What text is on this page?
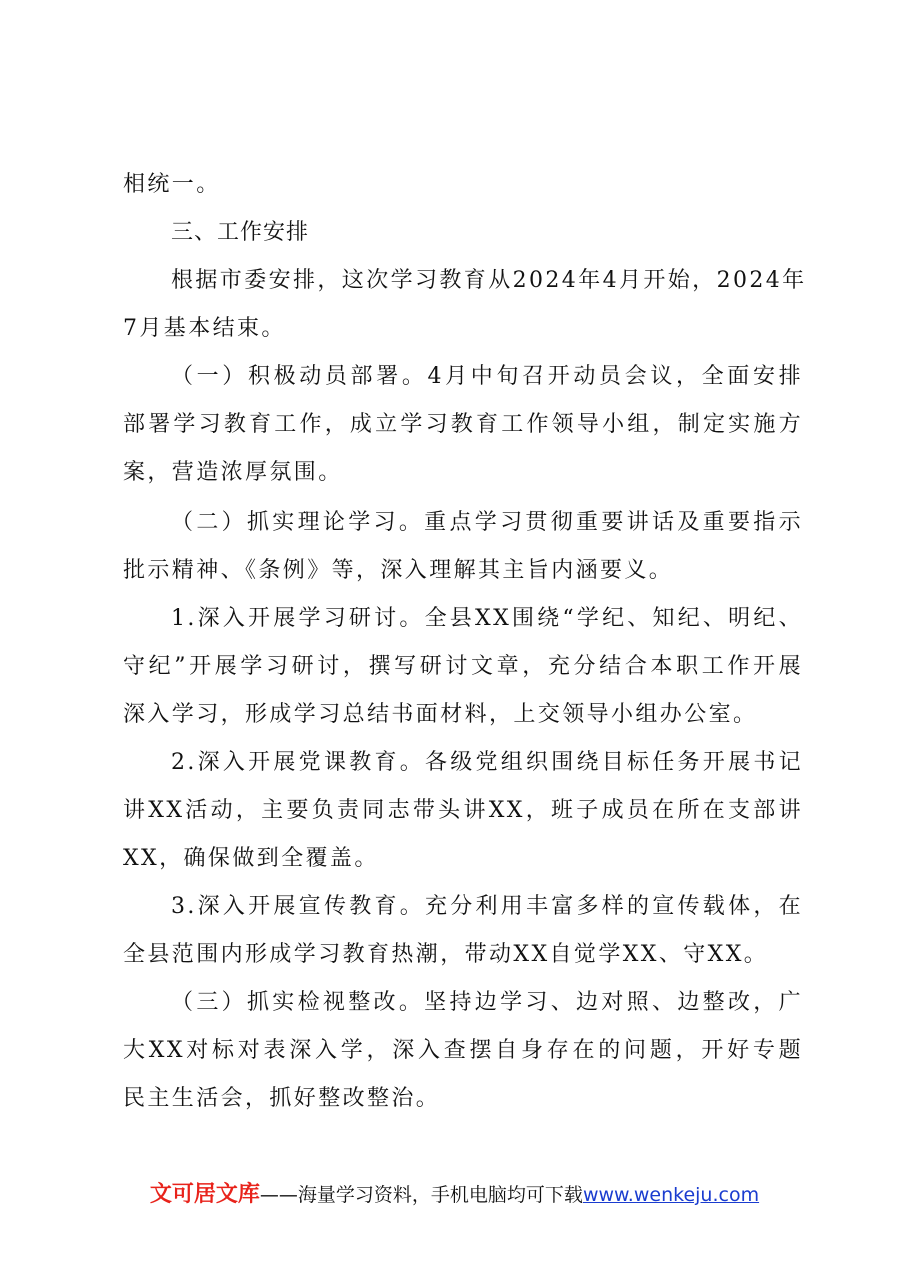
相统一。
三、工作安排
根据市委安排，这次学习教育从2024年4月开始，2024年
7月基本结束。
（一）积极动员部署。4月中旬召开动员会议，全面安排
部署学习教育工作，成立学习教育工作领导小组，制定实施方
案，营造浓厚氛围。
（二）抓实理论学习。重点学习贯彻重要讲话及重要指示
批示精神、《条例》等，深入理解其主旨内涵要义。
1.深入开展学习研讨。全县XX围绕“学纪、知纪、明纪、
守纪”开展学习研讨，撰写研讨文章，充分结合本职工作开展
深入学习，形成学习总结书面材料，上交领导小组办公室。
2.深入开展党课教育。各级党组织围绕目标任务开展书记
讲XX活动，主要负责同志带头讲XX，班子成员在所在支部讲
XX，确保做到全覆盖。
3.深入开展宣传教育。充分利用丰富多样的宣传载体，在
全县范围内形成学习教育热潮，带动XX自觉学XX、守XX。
（三）抓实检视整改。坚持边学习、边对照、边整改，广
大XX对标对表深入学，深入查摆自身存在的问题，开好专题
民主生活会，抓好整改整治。
文可居文库——海量学习资料，手机电脑均可下载www.wenkeju.com
